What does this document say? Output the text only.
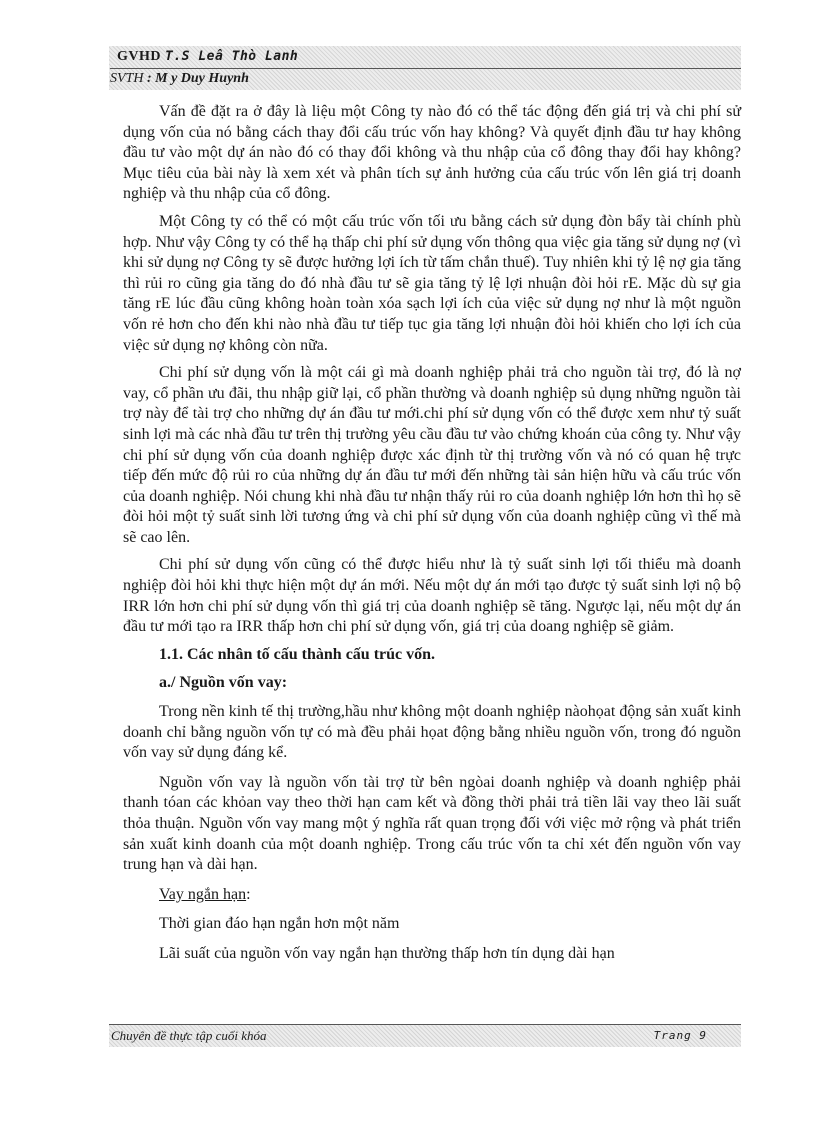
GVHD T.S Leâ Thò Lanh
SVTH : M y Duy Huynh

Vấn đề đặt ra ở đây là liệu một Công ty nào đó có thể tác động đến giá trị và chi phí sử dụng vốn của nó bằng cách thay đổi cấu trúc vốn hay không? Và quyết định đầu tư hay không đầu tư vào một dự án nào đó có thay đổi không và thu nhập của cổ đông thay đổi hay không? Mục tiêu của bài này là xem xét và phân tích sự ảnh hưởng của cấu trúc vốn lên giá trị doanh nghiệp và thu nhập của cổ đông.

Một Công ty có thể có một cấu trúc vốn tối ưu bằng cách sử dụng đòn bẩy tài chính phù hợp. Như vậy Công ty có thể hạ thấp chi phí sử dụng vốn thông qua việc gia tăng sử dụng nợ (vì khi sử dụng nợ Công ty sẽ được hưởng lợi ích từ tấm chắn thuế). Tuy nhiên khi tỷ lệ nợ gia tăng thì rủi ro cũng gia tăng do đó nhà đầu tư sẽ gia tăng tỷ lệ lợi nhuận đòi hỏi rE. Mặc dù sự gia tăng rE lúc đầu cũng không hoàn toàn xóa sạch lợi ích của việc sử dụng nợ như là một nguồn vốn rẻ hơn cho đến khi nào nhà đầu tư tiếp tục gia tăng lợi nhuận đòi hỏi khiến cho lợi ích của việc sử dụng nợ không còn nữa.

Chi phí sử dụng vốn là một cái gì mà doanh nghiệp phải trả cho nguồn tài trợ, đó là nợ vay, cổ phần ưu đãi, thu nhập giữ lại, cổ phần thường và doanh nghiệp sủ dụng những nguồn tài trợ này để tài trợ cho những dự án đầu tư mới.chi phí sử dụng vốn có thể được xem như tỷ suất sinh lợi mà các nhà đầu tư trên thị trường yêu cầu đầu tư vào chứng khoán của công ty. Như vậy chi phí sử dụng vốn của doanh nghiệp được xác định từ thị trường vốn và nó có quan hệ trực tiếp đến mức độ rủi ro của những dự án đầu tư mới đến những tài sản hiện hữu và cấu trúc vốn của doanh nghiệp. Nói chung khi nhà đầu tư nhận thấy rủi ro của doanh nghiệp lớn hơn thì họ sẽ đòi hỏi một tỷ suất sinh lời tương ứng và chi phí sử dụng vốn của doanh nghiệp cũng vì thế mà sẽ cao lên.

Chi phí sử dụng vốn cũng có thể được hiểu như là tỷ suất sinh lợi tối thiểu mà doanh nghiệp đòi hỏi khi thực hiện một dự án mới. Nếu một dự án mới tạo được tỷ suất sinh lợi nộ bộ IRR lớn hơn chi phí sử dụng vốn thì giá trị của doanh nghiệp sẽ tăng. Ngược lại, nếu một dự án đầu tư mới tạo ra IRR thấp hơn chi phí sử dụng vốn, giá trị của doang nghiệp sẽ giảm.

1.1. Các nhân tố cấu thành cấu trúc vốn.
a./ Nguồn vốn vay:

Trong nền kinh tế thị trường,hầu như không một doanh nghiệp nàohọat động sản xuất kinh doanh chỉ bằng nguồn vốn tự có mà đều phải họat động bằng nhiều nguồn vốn, trong đó nguồn vốn vay sử dụng đáng kể.

Nguồn vốn vay là nguồn vốn tài trợ từ bên ngòai doanh nghiệp và doanh nghiệp phải thanh tóan các khỏan vay theo thời hạn cam kết và đồng thời phải trả tiền lãi vay theo lãi suất thỏa thuận. Nguồn vốn vay mang một ý nghĩa rất quan trọng đối với việc mở rộng và phát triển sản xuất kinh doanh của một doanh nghiệp. Trong cấu trúc vốn ta chỉ xét đến nguồn vốn vay trung hạn và dài hạn.

Vay ngắn hạn:
Thời gian đáo hạn ngắn hơn một năm
Lãi suất của nguồn vốn vay ngắn hạn thường thấp hơn tín dụng dài hạn
Chuyên đề thực tập cuối khóa	Trang 9
